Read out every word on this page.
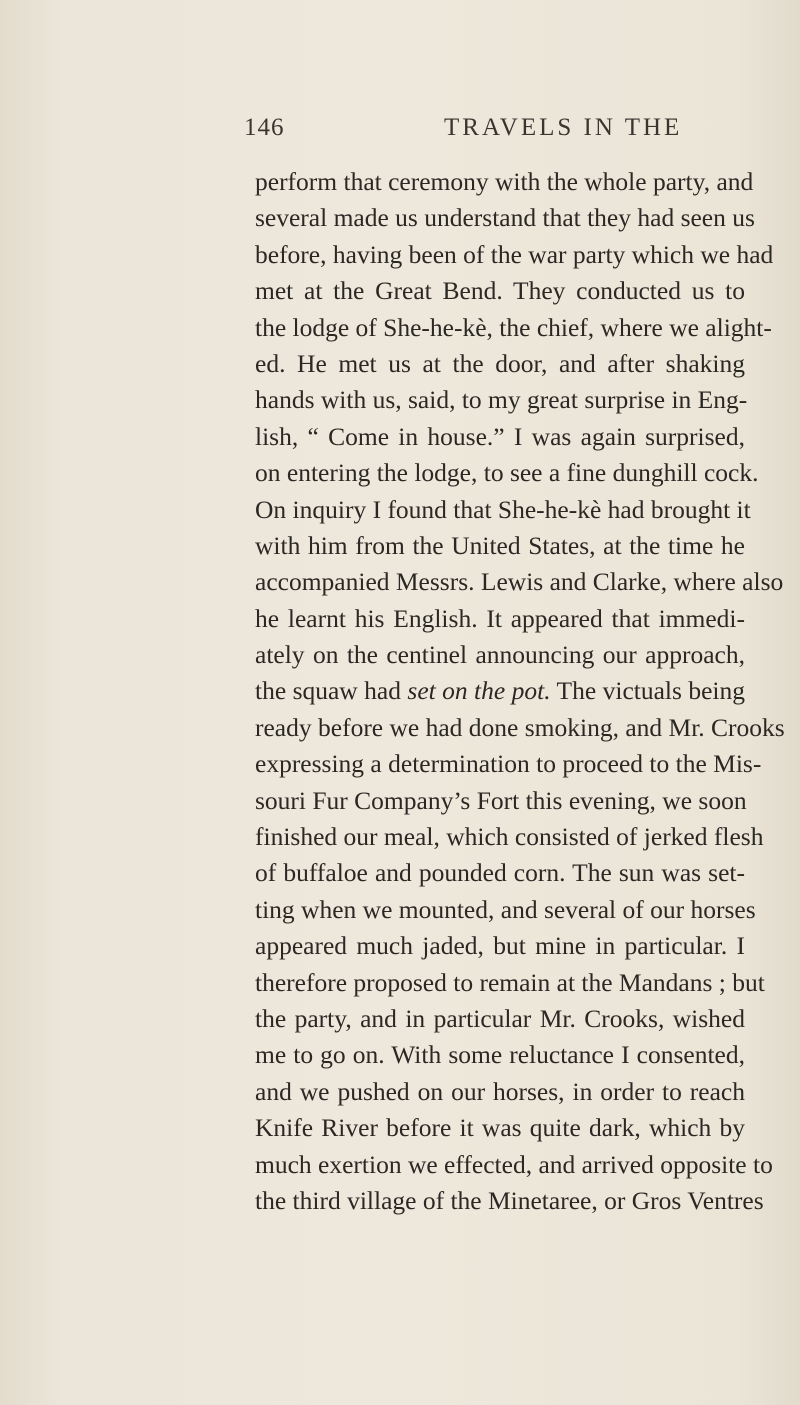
146	TRAVELS IN THE
perform that ceremony with the whole party, and
several made us understand that they had seen us
before, having been of the war party which we had
met at the Great Bend. They conducted us to
the lodge of She-he-kè, the chief, where we alight-
ed. He met us at the door, and after shaking
hands with us, said, to my great surprise in Eng-
lish, “ Come in house.” I was again surprised,
on entering the lodge, to see a fine dunghill cock.
On inquiry I found that She-he-kè had brought it
with him from the United States, at the time he
accompanied Messrs. Lewis and Clarke, where also
he learnt his English. It appeared that immedi-
ately on the centinel announcing our approach,
the squaw had set on the pot. The victuals being
ready before we had done smoking, and Mr. Crooks
expressing a determination to proceed to the Mis-
souri Fur Company’s Fort this evening, we soon
finished our meal, which consisted of jerked flesh
of buffaloe and pounded corn. The sun was set-
ting when we mounted, and several of our horses
appeared much jaded, but mine in particular. I
therefore proposed to remain at the Mandans ; but
the party, and in particular Mr. Crooks, wished
me to go on. With some reluctance I consented,
and we pushed on our horses, in order to reach
Knife River before it was quite dark, which by
much exertion we effected, and arrived opposite to
the third village of the Minetaree, or Gros Ventres
